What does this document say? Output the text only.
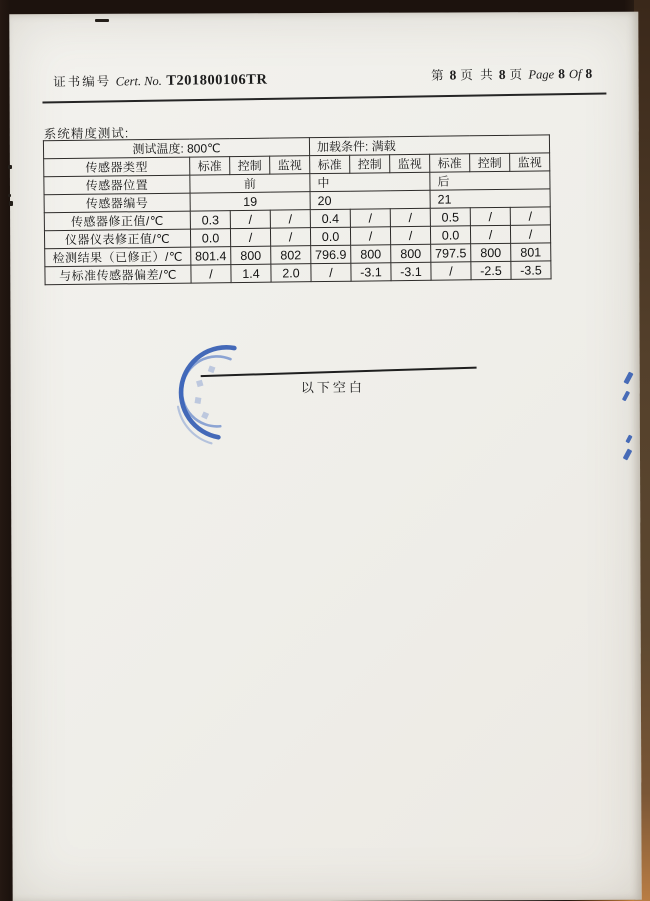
证书编号 Cert. No. T201800106TR	第 8 页 共 8 页 Page 8 Of 8
系统精度测试:
测试温度: 800℃				加载条件: 满载					
传感器类型	标准	控制	监视	标准	控制	监视	标准	控制	监视
传感器位置	前			中			后		
传感器编号	19			20			21		
传感器修正值/℃	0.3	/	/	0.4	/	/	0.5	/	/
仪器仪表修正值/℃	0.0	/	/	0.0	/	/	0.0	/	/
检测结果（已修正）/℃	801.4	800	802	796.9	800	800	797.5	800	801
与标准传感器偏差/℃	/	1.4	2.0	/	-3.1	-3.1	/	-2.5	-3.5
以下空白
